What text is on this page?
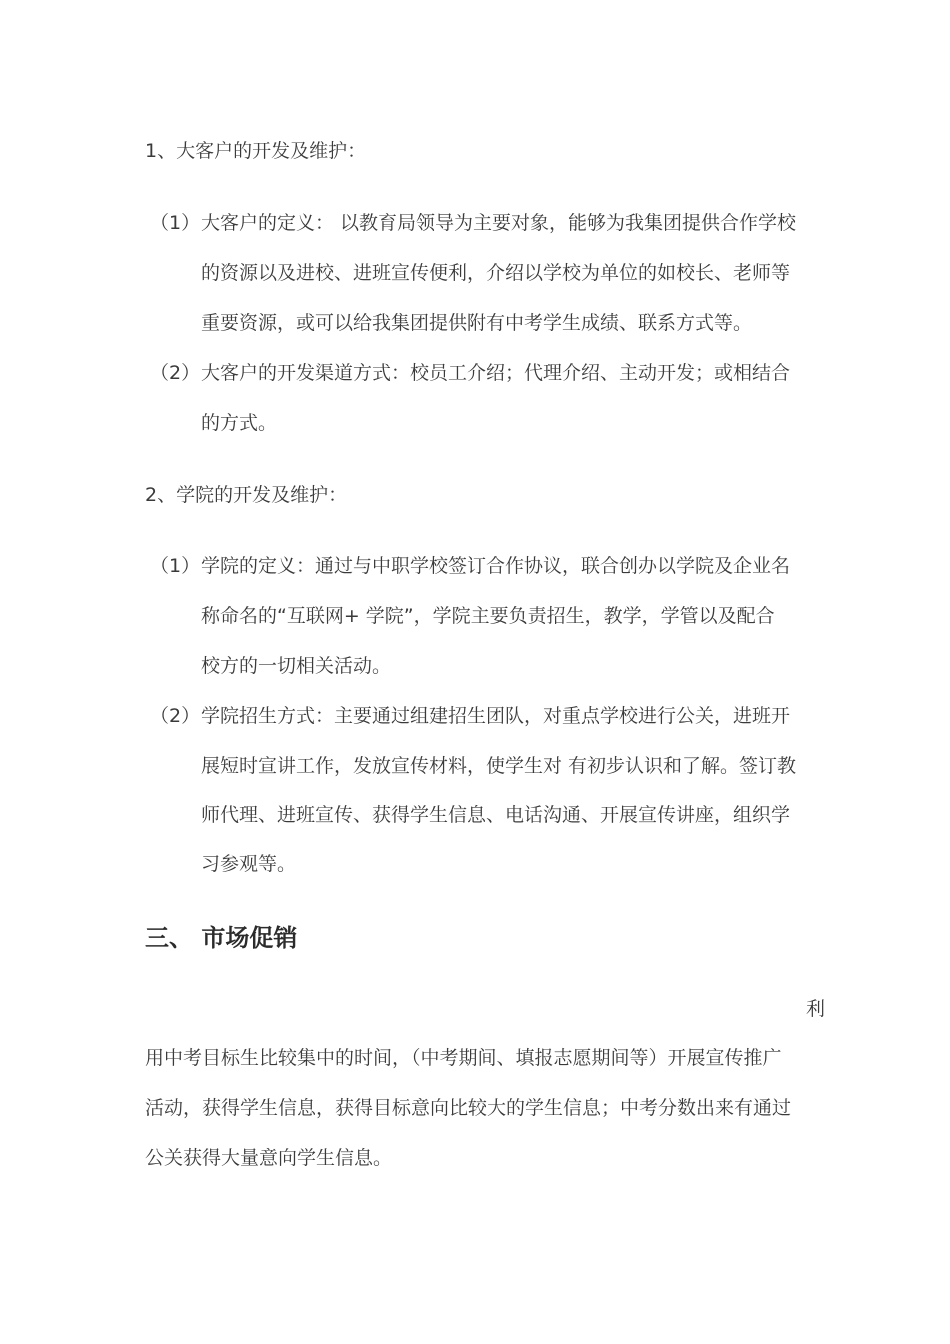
1、大客户的开发及维护：
（1） 大客户的定义： 以教育局领导为主要对象，能够为我集团提供合作学校
的资源以及进校、进班宣传便利，介绍以学校为单位的如校长、老师等
重要资源，或可以给我集团提供附有中考学生成绩、联系方式等。
（2） 大客户的开发渠道方式：校员工介绍；代理介绍、主动开发；或相结合
的方式。
2、学院的开发及维护：
（1） 学院的定义：通过与中职学校签订合作协议，联合创办以学院及企业名
称命名的“互联网+ 学院”，学院主要负责招生，教学，学管以及配合
校方的一切相关活动。
（2） 学院招生方式：主要通过组建招生团队，对重点学校进行公关，进班开
展短时宣讲工作，发放宣传材料，使学生对 有初步认识和了解。签订教
师代理、进班宣传、获得学生信息、电话沟通、开展宣传讲座，组织学
习参观等。
三、 市场促销
利
用中考目标生比较集中的时间，（中考期间、填报志愿期间等）开展宣传推广
活动，获得学生信息，获得目标意向比较大的学生信息；中考分数出来有通过
公关获得大量意向学生信息。
